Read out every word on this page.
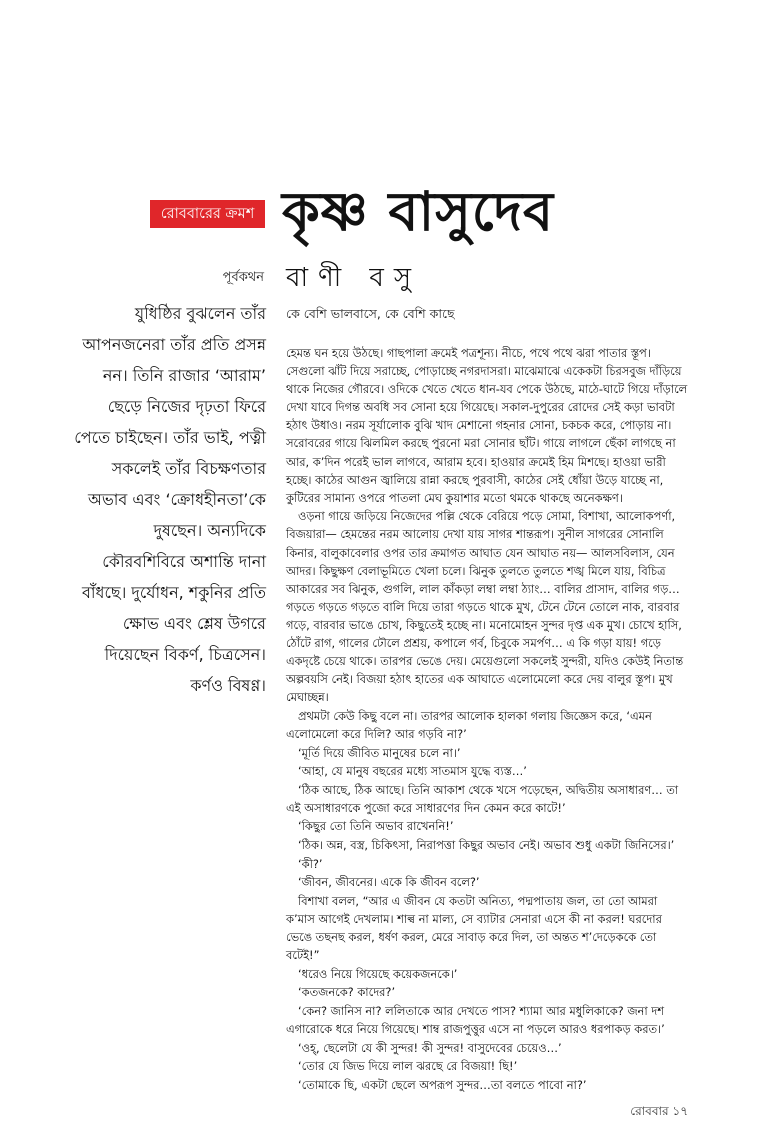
রোববারের ক্রমশ কৃষ্ণ বাসুদেব
বাণী বসু
পূর্বকথন
যুধিষ্ঠির বুঝলেন তাঁর আপনজনেরা তাঁর প্রতি প্রসন্ন নন। তিনি রাজার ‘আরাম’ ছেড়ে নিজের দৃঢ়তা ফিরে পেতে চাইছেন। তাঁর ভাই, পত্নী সকলেই তাঁর বিচক্ষণতার অভাব এবং ‘ক্রোধহীনতা’কে দুষছেন। অন্যদিকে কৌরবশিবিরে অশান্তি দানা বাঁধছে। দুর্যোধন, শকুনির প্রতি ক্ষোভ এবং শ্লেষ উগরে দিয়েছেন বিকর্ণ, চিত্রসেন। কর্ণও বিষণ্ণ।
কে বেশি ভালবাসে, কে বেশি কাছে

হেমন্ত ঘন হয়ে উঠছে। গাছপালা ক্রমেই পত্রশূন্য। নীচে, পথে পথে ঝরা পাতার স্তূপ। সেগুলো ঝাঁট দিয়ে সরাচ্ছে, পোড়াচ্ছে নগরদাসরা। মাঝেমাঝে একেকটা চিরসবুজ দাঁড়িয়ে থাকে নিজের গৌরবে। ওদিকে খেতে খেতে ধান-যব পেকে উঠছে, মাঠে-ঘাটে গিয়ে দাঁড়ালে দেখা যাবে দিগন্ত অবধি সব সোনা হয়ে গিয়েছে। সকাল-দুপুরের রোদের সেই কড়া ভাবটা হঠাৎ উধাও। নরম সূর্যালোক বুঝি খাদ মেশানো গহনার সোনা, চকচক করে, পোড়ায় না। সরোবরের গায়ে ঝিলমিল করছে পুরনো মরা সোনার ছাঁট। গায়ে লাগলে ছেঁকা লাগছে না আর, ক’দিন পরেই ভাল লাগবে, আরাম হবে। হাওয়ার ক্রমেই হিম মিশছে। হাওয়া ভারী হচ্ছে। কাঠের আগুন জ্বালিয়ে রান্না করছে পুরবাসী, কাঠের সেই ধোঁয়া উড়ে যাচ্ছে না, কুটিরের সামান্য ওপরে পাতলা মেঘ কুয়াশার মতো থমকে থাকছে অনেকক্ষণ।

ওড়না গায়ে জড়িয়ে নিজেদের পল্লি থেকে বেরিয়ে পড়ে সোমা, বিশাখা, আলোকপর্ণা, বিজয়ারা— হেমন্তের নরম আলোয় দেখা যায় সাগর শান্তরূপ। সুনীল সাগরের সোনালি কিনার, বালুকাবেলার ওপর তার ক্রমাগত আঘাত যেন আঘাত নয়— আলসবিলাস, যেন আদর। কিছুক্ষণ বেলাভূমিতে খেলা চলে। ঝিনুক তুলতে তুলতে শঙ্খ মিলে যায়, বিচিত্র আকারের সব ঝিনুক, গুগলি, লাল কাঁকড়া লম্বা লম্বা ঠ্যাং… বালির প্রাসাদ, বালির গড়… গড়তে গড়তে গড়তে বালি দিয়ে তারা গড়তে থাকে মুখ, টেনে টেনে তোলে নাক, বারবার গড়ে, বারবার ভাঙে চোখ, কিছুতেই হচ্ছে না। মনোমোহন সুন্দর দৃপ্ত এক মুখ। চোখে হাসি, ঠোঁটে রাগ, গালের ঢৌলে প্রশ্রয়, কপালে গর্ব, চিবুকে সমর্পণ… এ কি গড়া যায়! গড়ে একদৃষ্টে চেয়ে থাকে। তারপর ভেঙে দেয়। মেয়েগুলো সকলেই সুন্দরী, যদিও কেউই নিতান্ত অল্পবয়সি নেই। বিজয়া হঠাৎ হাতের এক আঘাতে এলোমেলো করে দেয় বালুর স্তূপ। মুখ মেঘাচ্ছন্ন।

প্রথমটা কেউ কিছু বলে না। তারপর আলোক হালকা গলায় জিজ্ঞেস করে, ‘এমন এলোমেলো করে দিলি? আর গড়বি না?’

‘মূর্তি দিয়ে জীবিত মানুষের চলে না।’

‘আহা, যে মানুষ বছরের মধ্যে সাতমাস যুদ্ধে ব্যস্ত…’

‘ঠিক আছে, ঠিক আছে। তিনি আকাশ থেকে খসে পড়েছেন, অদ্বিতীয় অসাধারণ… তা এই অসাধারণকে পুজো করে সাধারণের দিন কেমন করে কাটে!’

‘কিছুর তো তিনি অভাব রাখেননি!’

‘ঠিক। অন্ন, বস্ত্র, চিকিৎসা, নিরাপত্তা কিছুর অভাব নেই। অভাব শুধু একটা জিনিসের।’

‘কী?’

‘জীবন, জীবনের। একে কি জীবন বলে?’

বিশাখা বলল, “আর এ জীবন যে কতটা অনিত্য, পদ্মপাতায় জল, তা তো আমরা ক’মাস আগেই দেখলাম। শাল্ব না মাল্য, সে ব্যাটার সেনারা এসে কী না করল! ঘরদোর ভেঙে তছনছ করল, ধর্ষণ করল, মেরে সাবাড় করে দিল, তা অন্তত শ’দেড়েককে তো বটেই!”

‘ধরেও নিয়ে গিয়েছে কয়েকজনকে।’

‘কতজনকে? কাদের?’

‘কেন? জানিস না? ললিতাকে আর দেখতে পাস? শ্যামা আর মধুলিকাকে? জনা দশ এগারোকে ধরে নিয়ে গিয়েছে। শাম্ব রাজপুত্তুর এসে না পড়লে আরও ধরপাকড় করত।’

‘ওহ্, ছেলেটা যে কী সুন্দর! কী সুন্দর! বাসুদেবের চেয়েও…’

‘তোর যে জিভ দিয়ে লাল ঝরছে রে বিজয়া! ছি!’

‘তোমাকে ছি, একটা ছেলে অপরূপ সুন্দর…তা বলতে পাবো না?’

রোববার ১৭
